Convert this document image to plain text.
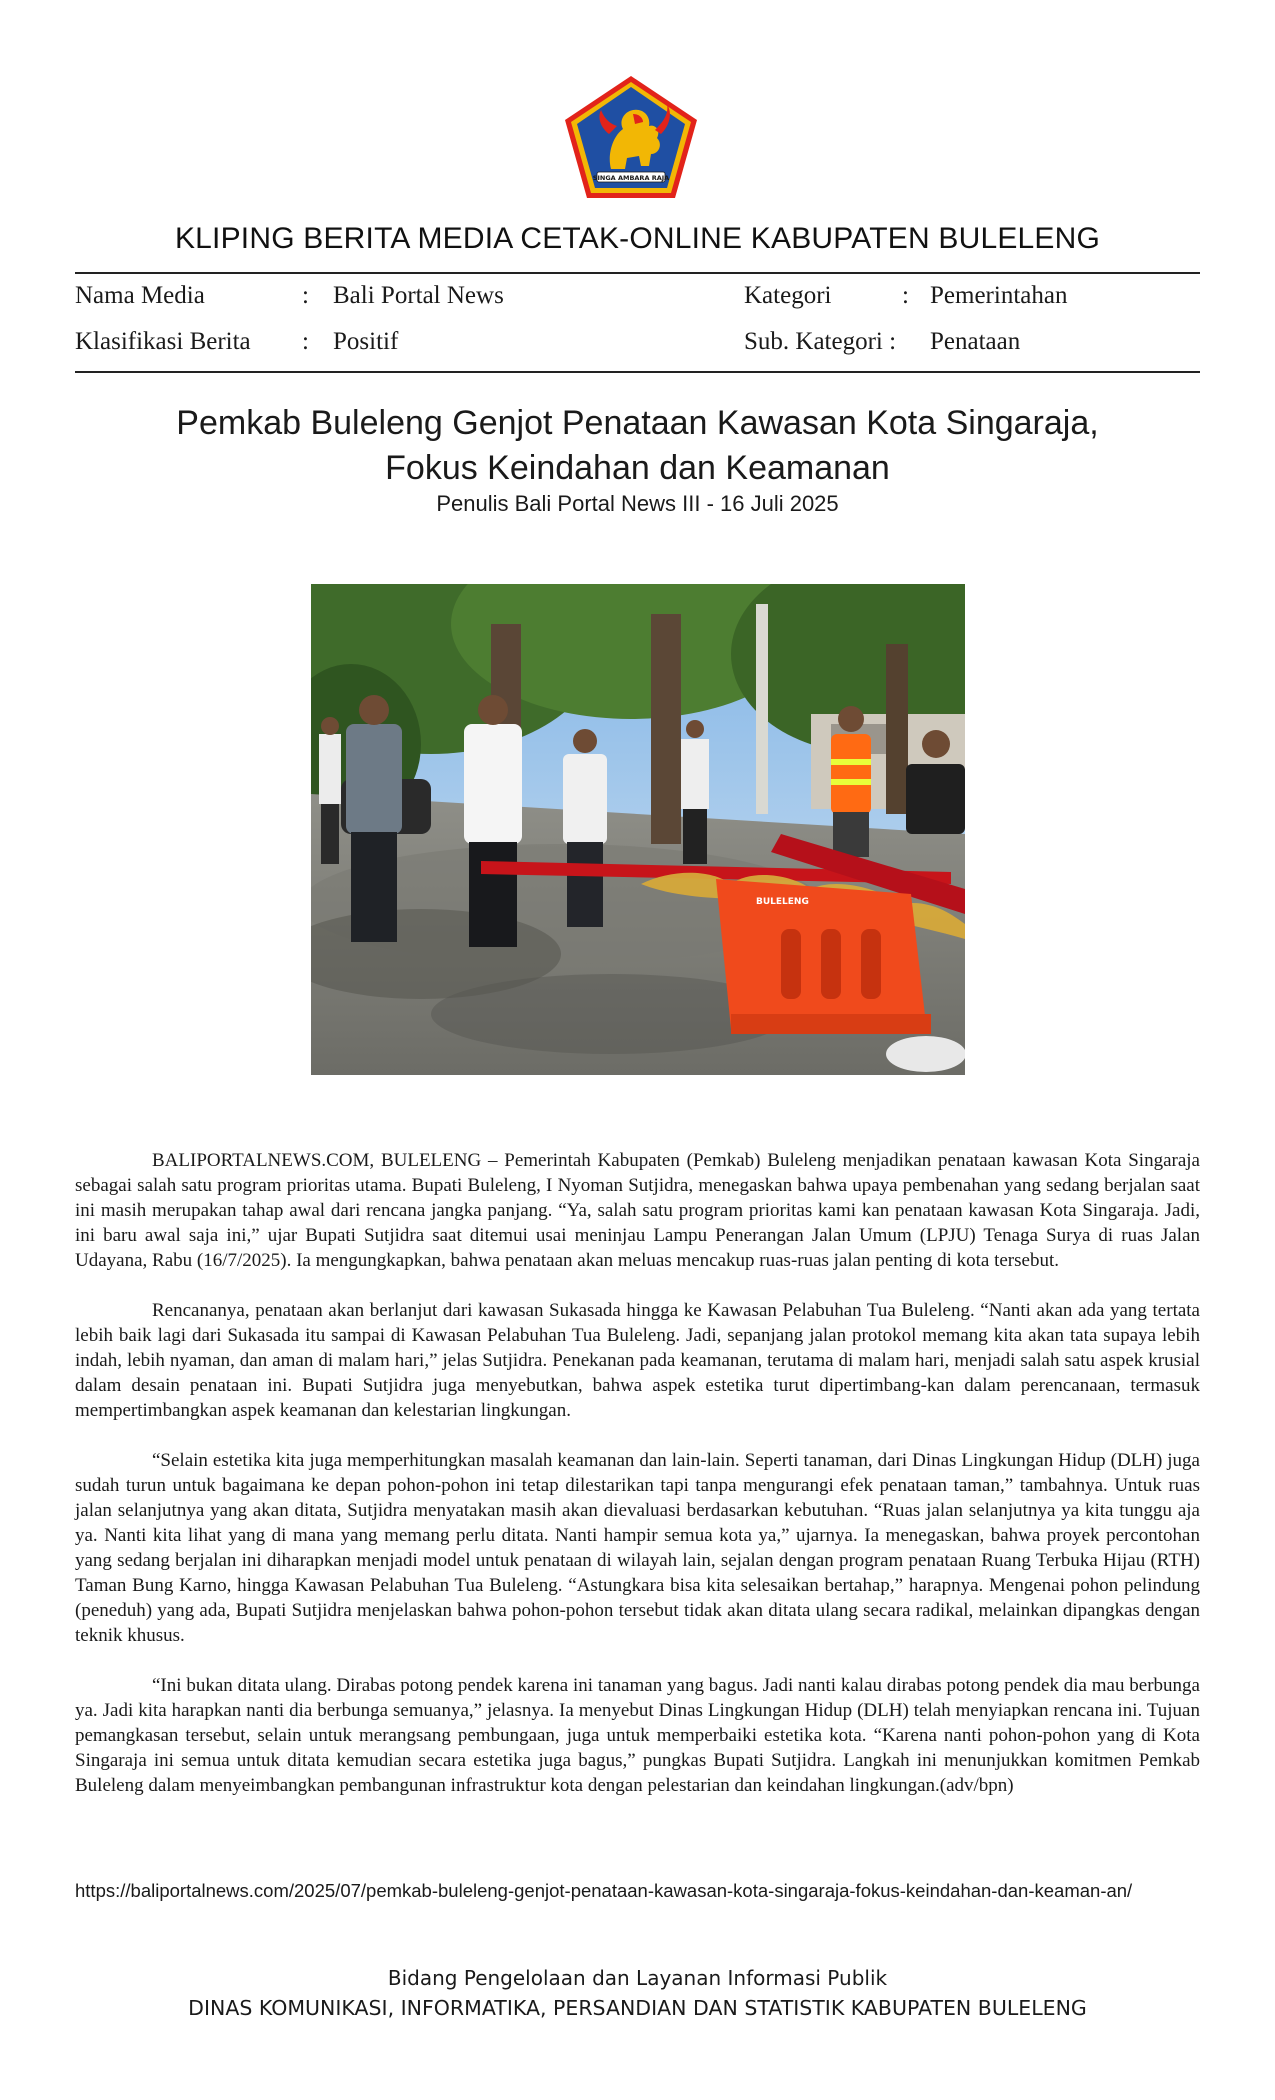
SINGA AMBARA RAJA
KLIPING BERITA MEDIA CETAK-ONLINE KABUPATEN BULELENG
Nama Media	: Bali Portal News	Kategori	: Pemerintahan
Klasifikasi Berita : Positif	Sub. Kategori : Penataan
Pemkab Buleleng Genjot Penataan Kawasan Kota Singaraja,
Fokus Keindahan dan Keamanan
Penulis Bali Portal News III - 16 Juli 2025
BULELENG

BALIPORTALNEWS.COM, BULELENG – Pemerintah Kabupaten (Pemkab) Buleleng menjadikan penataan kawasan Kota Singaraja sebagai salah satu program prioritas utama. Bupati Buleleng, I Nyoman Sutjidra, menegaskan bahwa upaya pembenahan yang sedang berjalan saat ini masih merupakan tahap awal dari rencana jangka panjang. “Ya, salah satu program prioritas kami kan penataan kawasan Kota Singaraja. Jadi, ini baru awal saja ini,” ujar Bupati Sutjidra saat ditemui usai meninjau Lampu Penerangan Jalan Umum (LPJU) Tenaga Surya di ruas Jalan Udayana, Rabu (16/7/2025). Ia mengungkapkan, bahwa penataan akan meluas mencakup ruas-ruas jalan penting di kota tersebut.

Rencananya, penataan akan berlanjut dari kawasan Sukasada hingga ke Kawasan Pelabuhan Tua Buleleng. “Nanti akan ada yang tertata lebih baik lagi dari Sukasada itu sampai di Kawasan Pelabuhan Tua Buleleng. Jadi, sepanjang jalan protokol memang kita akan tata supaya lebih indah, lebih nyaman, dan aman di malam hari,” jelas Sutjidra. Penekanan pada keamanan, terutama di malam hari, menjadi salah satu aspek krusial dalam desain penataan ini. Bupati Sutjidra juga menyebutkan, bahwa aspek estetika turut dipertimbang-kan dalam perencanaan, termasuk mempertimbangkan aspek keamanan dan kelestarian lingkungan.

“Selain estetika kita juga memperhitungkan masalah keamanan dan lain-lain. Seperti tanaman, dari Dinas Lingkungan Hidup (DLH) juga sudah turun untuk bagaimana ke depan pohon-pohon ini tetap dilestarikan tapi tanpa mengurangi efek penataan taman,” tambahnya. Untuk ruas jalan selanjutnya yang akan ditata, Sutjidra menyatakan masih akan dievaluasi berdasarkan kebutuhan. “Ruas jalan selanjutnya ya kita tunggu aja ya. Nanti kita lihat yang di mana yang memang perlu ditata. Nanti hampir semua kota ya,” ujarnya. Ia menegaskan, bahwa proyek percontohan yang sedang berjalan ini diharapkan menjadi model untuk penataan di wilayah lain, sejalan dengan program penataan Ruang Terbuka Hijau (RTH) Taman Bung Karno, hingga Kawasan Pelabuhan Tua Buleleng. “Astungkara bisa kita selesaikan bertahap,” harapnya. Mengenai pohon pelindung (peneduh) yang ada, Bupati Sutjidra menjelaskan bahwa pohon-pohon tersebut tidak akan ditata ulang secara radikal, melainkan dipangkas dengan teknik khusus.

“Ini bukan ditata ulang. Dirabas potong pendek karena ini tanaman yang bagus. Jadi nanti kalau dirabas potong pendek dia mau berbunga ya. Jadi kita harapkan nanti dia berbunga semuanya,” jelasnya. Ia menyebut Dinas Lingkungan Hidup (DLH) telah menyiapkan rencana ini. Tujuan pemangkasan tersebut, selain untuk merangsang pembungaan, juga untuk memperbaiki estetika kota. “Karena nanti pohon-pohon yang di Kota Singaraja ini semua untuk ditata kemudian secara estetika juga bagus,” pungkas Bupati Sutjidra. Langkah ini menunjukkan komitmen Pemkab Buleleng dalam menyeimbangkan pembangunan infrastruktur kota dengan pelestarian dan keindahan lingkungan.(adv/bpn)

https://baliportalnews.com/2025/07/pemkab-buleleng-genjot-penataan-kawasan-kota-singaraja-fokus-keindahan-dan-keaman-an/
Bidang Pengelolaan dan Layanan Informasi Publik
DINAS KOMUNIKASI, INFORMATIKA, PERSANDIAN DAN STATISTIK KABUPATEN BULELENG
